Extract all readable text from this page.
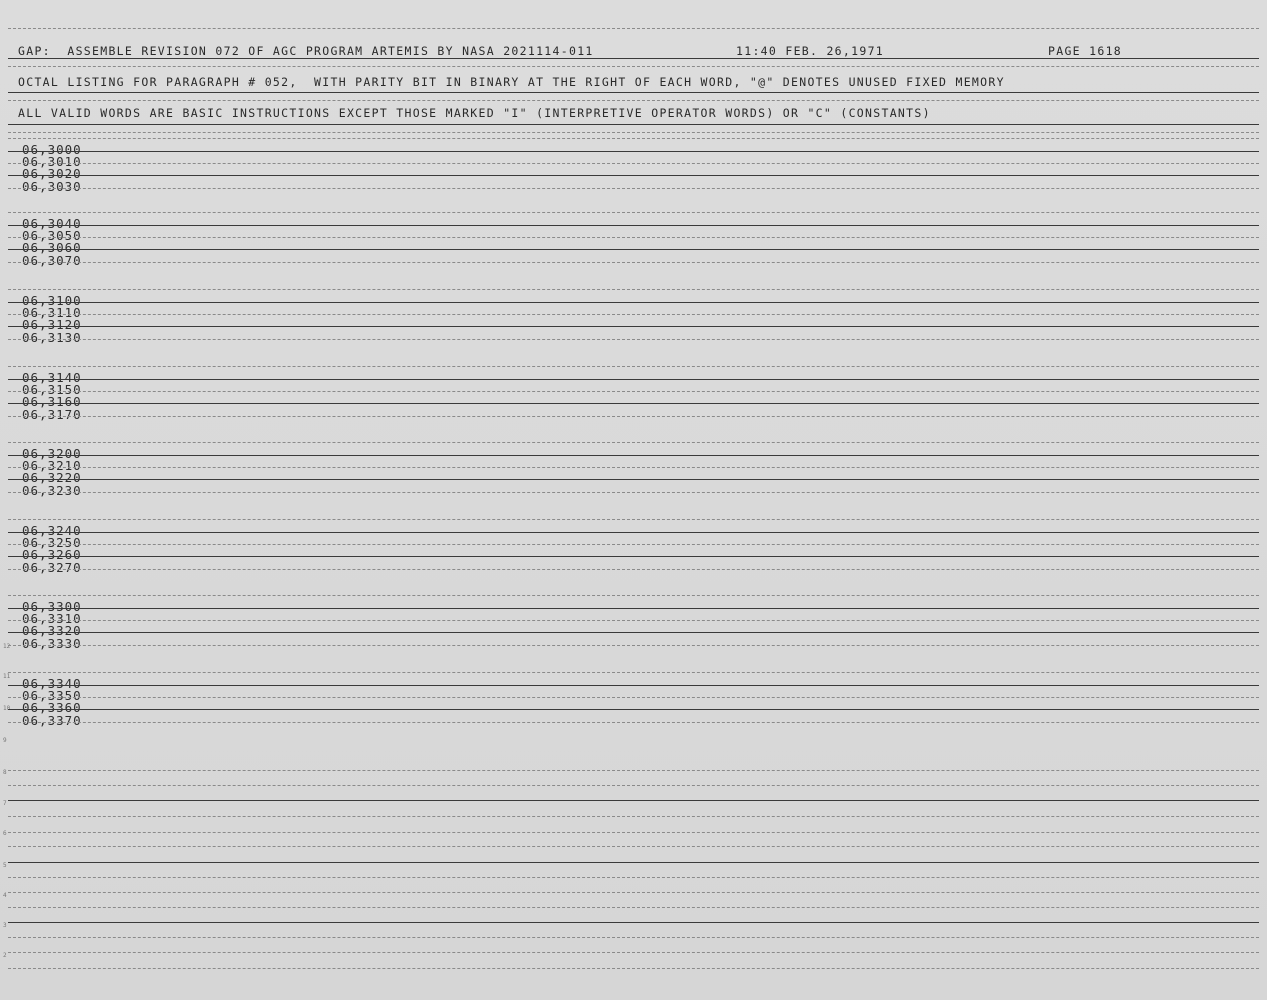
GAP:  ASSEMBLE REVISION 072 OF AGC PROGRAM ARTEMIS BY NASA 2021114-011	11:40 FEB. 26,1971	PAGE 1618
OCTAL LISTING FOR PARAGRAPH # 052,  WITH PARITY BIT IN BINARY AT THE RIGHT OF EACH WORD, "@" DENOTES UNUSED FIXED MEMORY
ALL VALID WORDS ARE BASIC INSTRUCTIONS EXCEPT THOSE MARKED "I" (INTERPRETIVE OPERATOR WORDS) OR "C" (CONSTANTS)
06,3000
06,3010
06,3020
06,3030
06,3040
06,3050
06,3060
06,3070
06,3100
06,3110
06,3120
06,3130
06,3140
06,3150
06,3160
06,3170
06,3200
06,3210
06,3220
06,3230
06,3240
06,3250
06,3260
06,3270
06,3300
06,3310
06,3320
06,3330
06,3340
06,3350
06,3360
06,3370
12
11
10
9
8
7
6
5
4
3
2
